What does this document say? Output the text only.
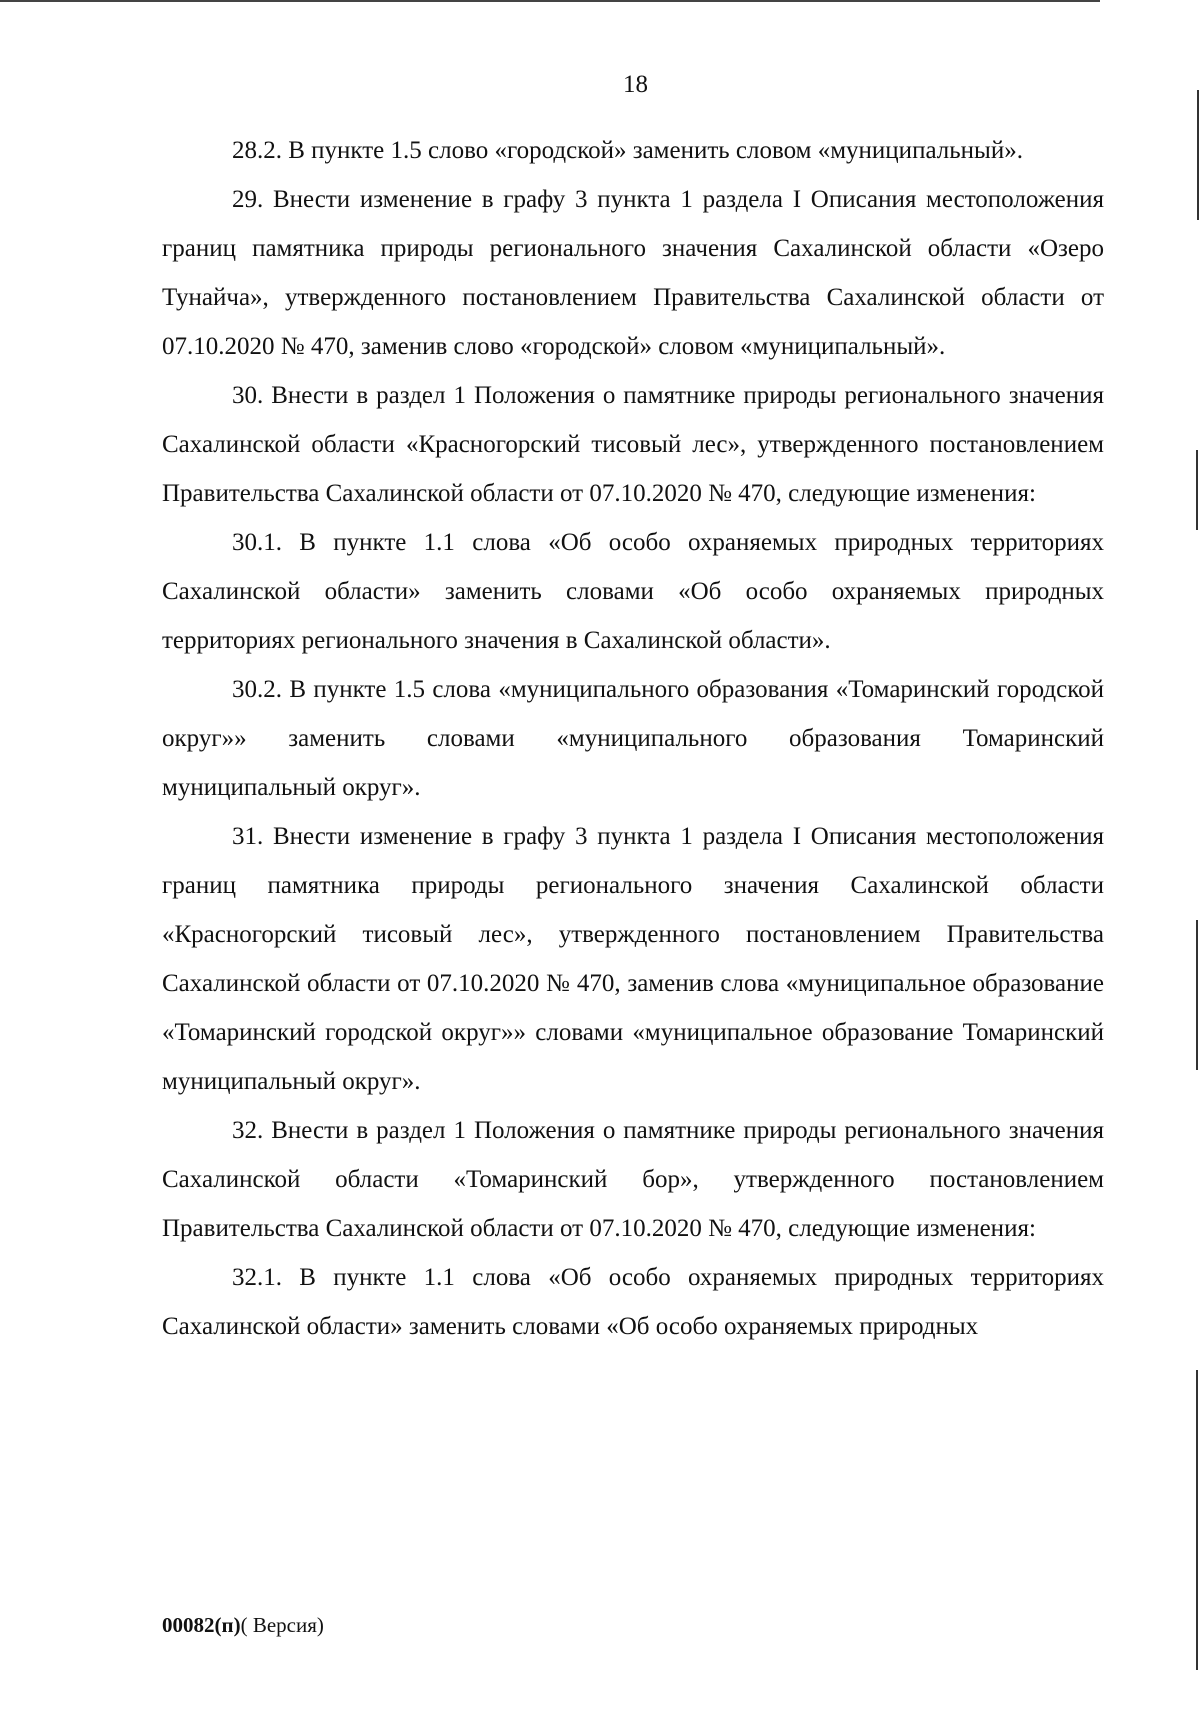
18

28.2. В пункте 1.5 слово «городской» заменить словом «муниципальный».

29. Внести изменение в графу 3 пункта 1 раздела I Описания местоположения границ памятника природы регионального значения Сахалинской области «Озеро Тунайча», утвержденного постановлением Правительства Сахалинской области от 07.10.2020 № 470, заменив слово «городской» словом «муниципальный».

30. Внести в раздел 1 Положения о памятнике природы регионального значения Сахалинской области «Красногорский тисовый лес», утвержденного постановлением Правительства Сахалинской области от 07.10.2020 № 470, следующие изменения:

30.1. В пункте 1.1 слова «Об особо охраняемых природных территориях Сахалинской области» заменить словами «Об особо охраняемых природных территориях регионального значения в Сахалинской области».

30.2. В пункте 1.5 слова «муниципального образования «Томаринский городской округ»» заменить словами «муниципального образования Томаринский муниципальный округ».

31. Внести изменение в графу 3 пункта 1 раздела I Описания местоположения границ памятника природы регионального значения Сахалинской области «Красногорский тисовый лес», утвержденного постановлением Правительства Сахалинской области от 07.10.2020 № 470, заменив слова «муниципальное образование «Томаринский городской округ»» словами «муниципальное образование Томаринский муниципальный округ».

32. Внести в раздел 1 Положения о памятнике природы регионального значения Сахалинской области «Томаринский бор», утвержденного постановлением Правительства Сахалинской области от 07.10.2020 № 470, следующие изменения:

32.1. В пункте 1.1 слова «Об особо охраняемых природных территориях Сахалинской области» заменить словами «Об особо охраняемых природных

00082(п)( Версия)
